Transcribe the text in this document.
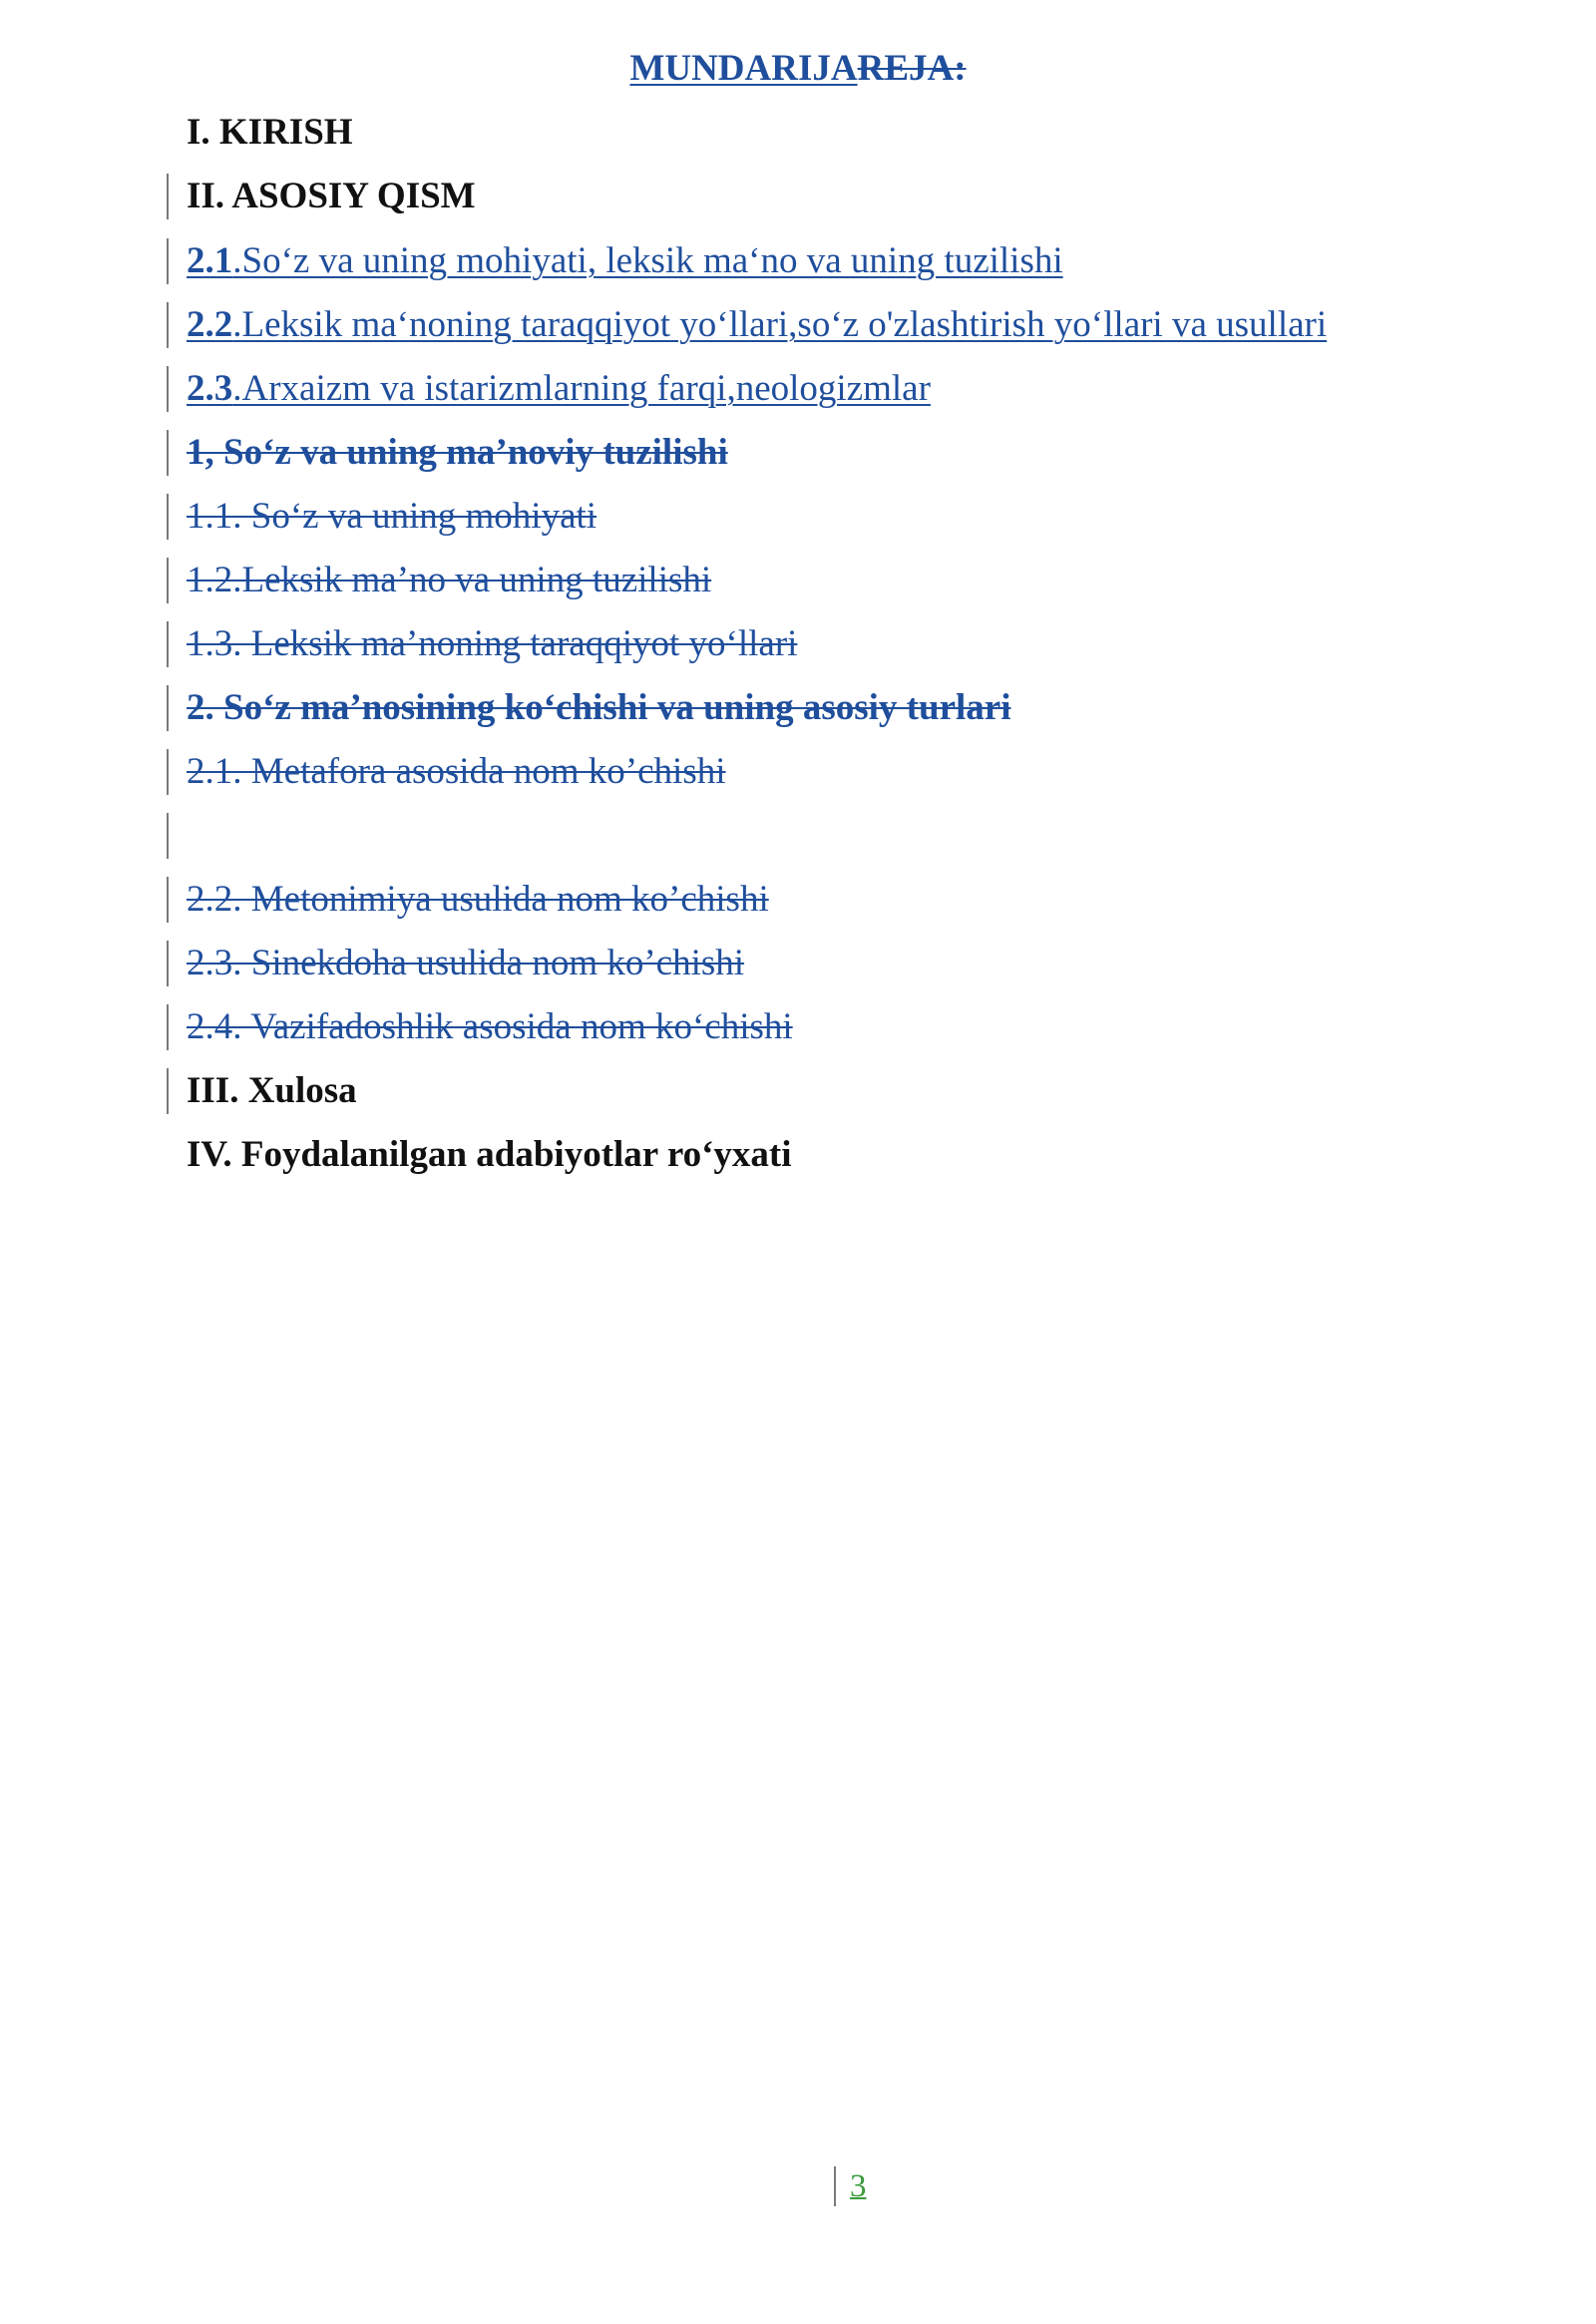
MUNDARIJAREJA:
I. KIRISH
II. ASOSIY QISM
2.1.So‘z va uning mohiyati, leksik ma‘no va uning tuzilishi
2.2.Leksik ma‘noning taraqqiyot yo‘llari,so‘z o'zlashtirish yo‘llari va usullari
2.3.Arxaizm va istarizmlarning farqi,neologizmlar
1, So‘z va uning ma’noviy tuzilishi
1.1. So‘z va uning mohiyati
1.2.Leksik ma’no va uning tuzilishi
1.3. Leksik ma’noning taraqqiyot yo‘llari
2. So‘z ma’nosining ko‘chishi va uning asosiy turlari
2.1. Metafora asosida nom ko’chishi
2.2. Metonimiya usulida nom ko’chishi
2.3. Sinekdoha usulida nom ko’chishi
2.4. Vazifadoshlik asosida nom ko‘chishi
III. Xulosa
IV. Foydalanilgan adabiyotlar ro‘yxati
3
